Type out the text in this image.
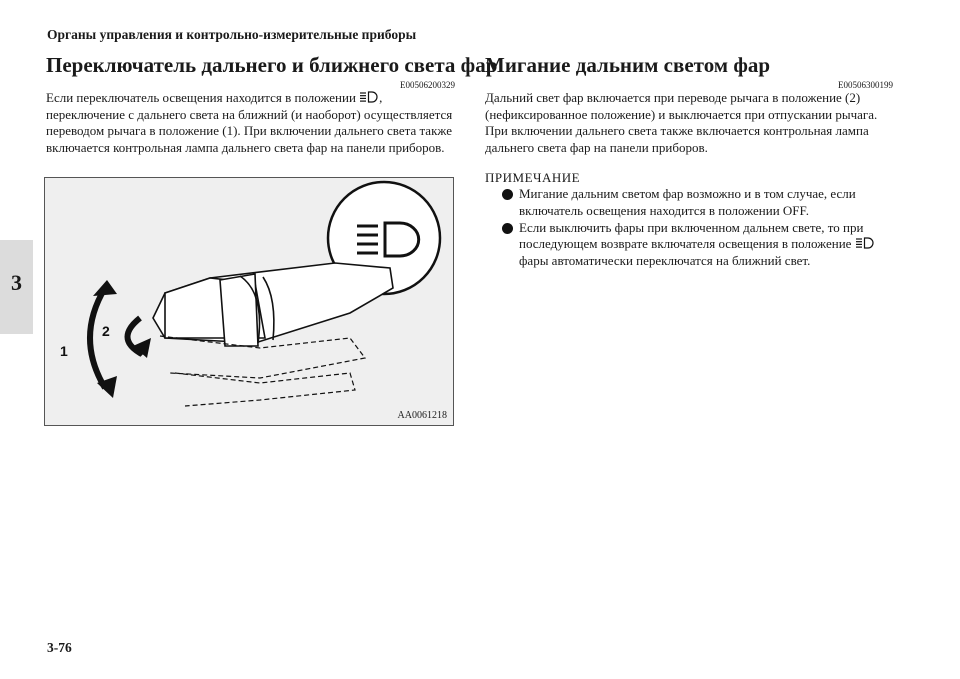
Органы управления и контрольно-измерительные приборы
3
Переключатель дальнего и ближнего света фар
E00506200329

Если переключатель освещения находится в положении , переключение с дальнего света на ближний (и наоборот) осуществляется переводом рычага в положение (1). При включении дальнего света также включается контрольная лампа дальнего света фар на панели приборов.

1
2
AA0061218
Мигание дальним светом фар
E00506300199

Дальний свет фар включается при переводе рычага в положение (2) (нефиксированное положение) и выключается при отпускании рычага.

При включении дальнего света также включается контрольная лампа дальнего света фар на панели приборов.

ПРИМЕЧАНИЕ
Мигание дальним светом фар возможно и в том случае, если включатель освещения находится в положении OFF.
Если выключить фары при включенном дальнем свете, то при последующем возврате включателя освещения в положение  фары автоматически переключатся на ближний свет.
3-76
